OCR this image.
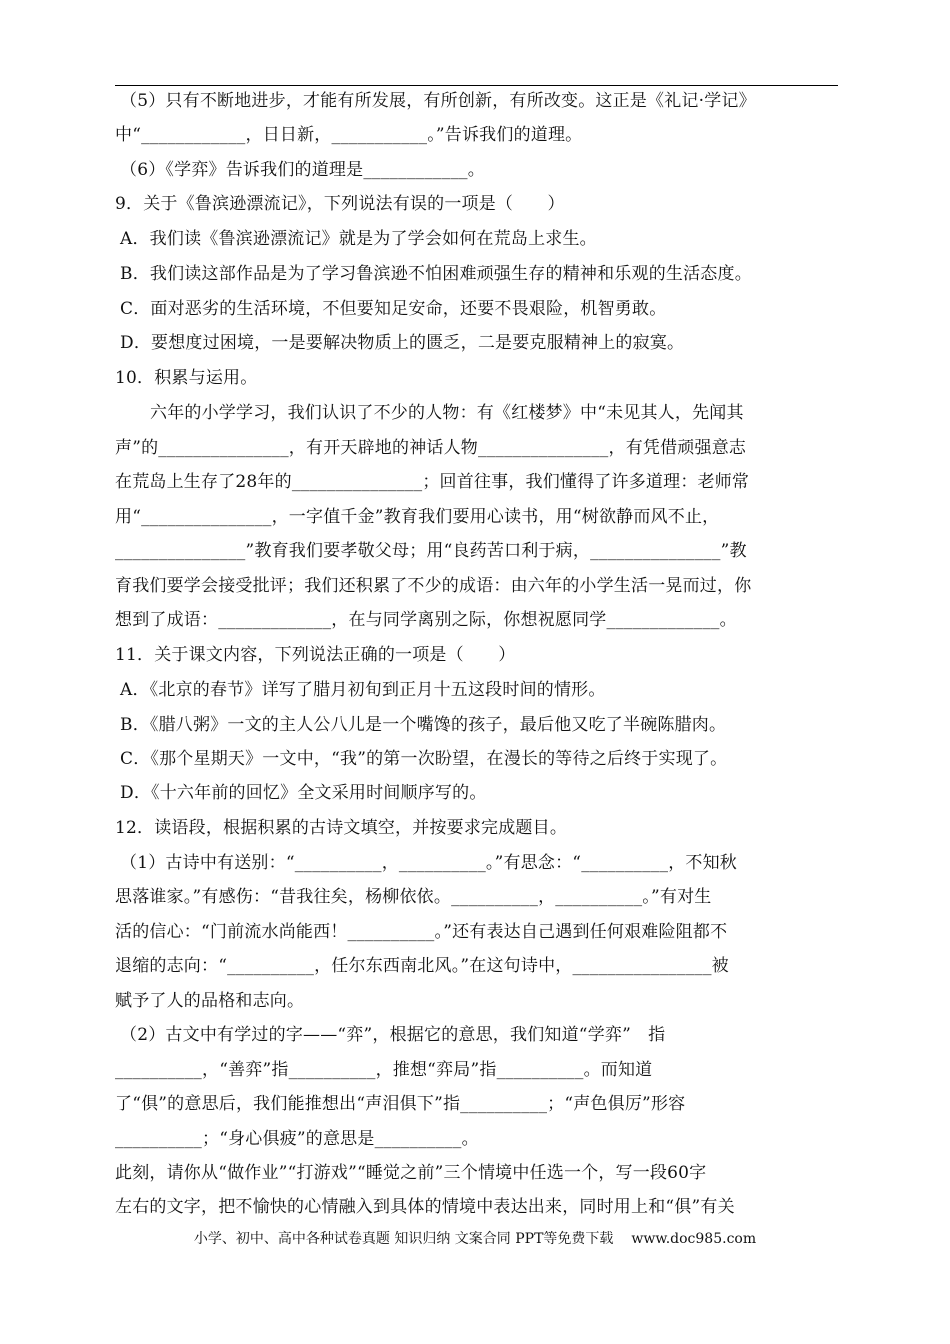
（5）只有不断地进步，才能有所发展，有所创新，有所改变。这正是《礼记·学记》
中“____________，日日新，___________。”告诉我们的道理。
（6）《学弈》告诉我们的道理是____________。
9．关于《鲁滨逊漂流记》，下列说法有误的一项是（　　）
A．我们读《鲁滨逊漂流记》就是为了学会如何在荒岛上求生。
B．我们读这部作品是为了学习鲁滨逊不怕困难顽强生存的精神和乐观的生活态度。
C．面对恶劣的生活环境，不但要知足安命，还要不畏艰险，机智勇敢。
D．要想度过困境，一是要解决物质上的匮乏，二是要克服精神上的寂寞。
10．积累与运用。
六年的小学学习，我们认识了不少的人物：有《红楼梦》中“未见其人，先闻其
声”的_______________，有开天辟地的神话人物_______________，有凭借顽强意志
在荒岛上生存了28年的_______________；回首往事，我们懂得了许多道理：老师常
用“_______________，一字值千金”教育我们要用心读书，用“树欲静而风不止，
_______________”教育我们要孝敬父母；用“良药苦口利于病，_______________”教
育我们要学会接受批评；我们还积累了不少的成语：由六年的小学生活一晃而过，你
想到了成语：_____________，在与同学离别之际，你想祝愿同学_____________。
11．关于课文内容，下列说法正确的一项是（　　）
A．《北京的春节》详写了腊月初旬到正月十五这段时间的情形。
B．《腊八粥》一文的主人公八儿是一个嘴馋的孩子，最后他又吃了半碗陈腊肉。
C．《那个星期天》一文中，“我”的第一次盼望，在漫长的等待之后终于实现了。
D．《十六年前的回忆》全文采用时间顺序写的。
12．读语段，根据积累的古诗文填空，并按要求完成题目。
（1）古诗中有送别：“__________，__________。”有思念：“__________，不知秋
思落谁家。”有感伤：“昔我往矣，杨柳依依。__________，__________。”有对生
活的信心：“门前流水尚能西！__________。”还有表达自己遇到任何艰难险阻都不
退缩的志向：“__________，任尔东西南北风。”在这句诗中，________________被
赋予了人的品格和志向。
（2）古文中有学过的字——“弈”，根据它的意思，我们知道“学弈”　指
__________，“善弈”指__________，推想“弈局”指__________。而知道
了“俱”的意思后，我们能推想出“声泪俱下”指__________；“声色俱厉”形容
__________；“身心俱疲”的意思是__________。
此刻，请你从“做作业”“打游戏”“睡觉之前”三个情境中任选一个，写一段60字
左右的文字，把不愉快的心情融入到具体的情境中表达出来，同时用上和“俱”有关
小学、初中、高中各种试卷真题 知识归纳 文案合同 PPT等免费下载 www.doc985.com
